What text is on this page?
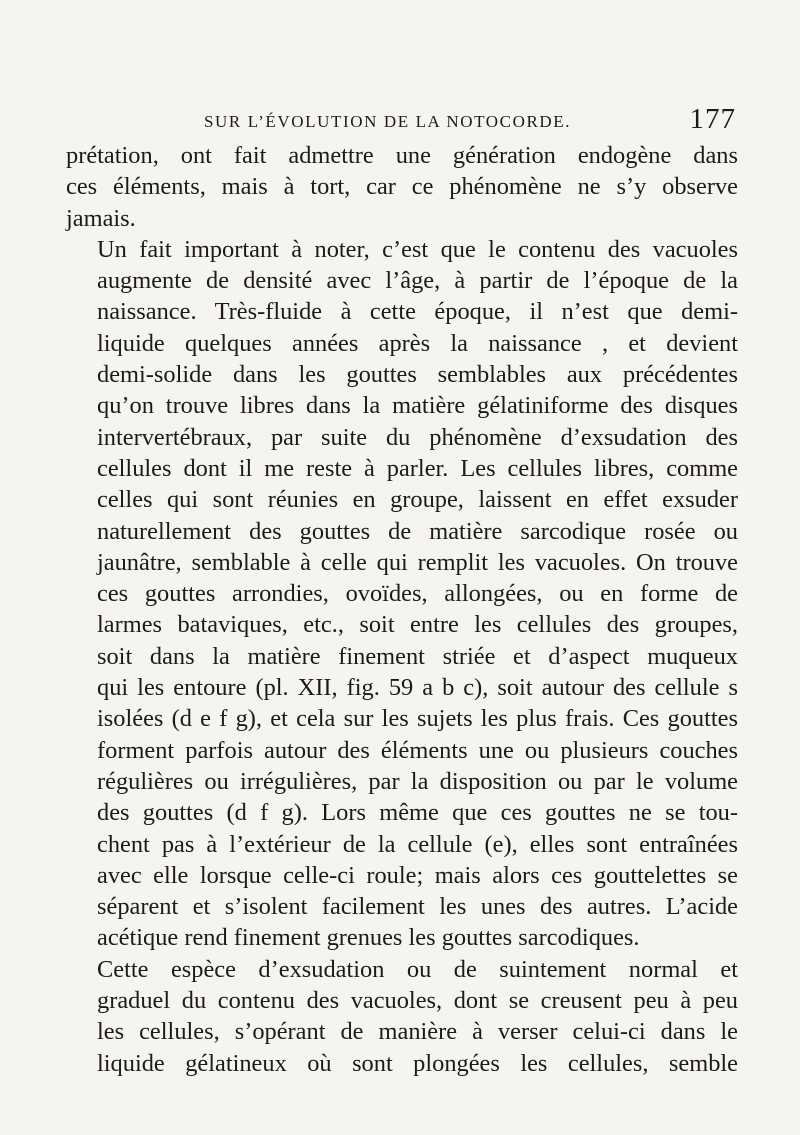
SUR L’ÉVOLUTION DE LA NOTOCORDE.	177

prétation, ont fait admettre une génération endogène dans
ces éléments, mais à tort, car ce phénomène ne s’y observe
jamais.

Un fait important à noter, c’est que le contenu des vacuoles
augmente de densité avec l’âge, à partir de l’époque de la
naissance. Très-fluide à cette époque, il n’est que demi-
liquide quelques années après la naissance , et devient
demi-solide dans les gouttes semblables aux précédentes
qu’on trouve libres dans la matière gélatiniforme des disques
intervertébraux, par suite du phénomène d’exsudation des
cellules dont il me reste à parler. Les cellules libres, comme
celles qui sont réunies en groupe, laissent en effet exsuder
naturellement des gouttes de matière sarcodique rosée ou
jaunâtre, semblable à celle qui remplit les vacuoles. On trouve
ces gouttes arrondies, ovoïdes, allongées, ou en forme de
larmes bataviques, etc., soit entre les cellules des groupes,
soit dans la matière finement striée et d’aspect muqueux
qui les entoure (pl. XII, fig. 59 a b c), soit autour des cellule s
isolées (d e f g), et cela sur les sujets les plus frais. Ces gouttes
forment parfois autour des éléments une ou plusieurs couches
régulières ou irrégulières, par la disposition ou par le volume
des gouttes (d f g). Lors même que ces gouttes ne se tou-
chent pas à l’extérieur de la cellule (e), elles sont entraînées
avec elle lorsque celle-ci roule; mais alors ces gouttelettes se
séparent et s’isolent facilement les unes des autres. L’acide
acétique rend finement grenues les gouttes sarcodiques.

Cette espèce d’exsudation ou de suintement normal et
graduel du contenu des vacuoles, dont se creusent peu à peu
les cellules, s’opérant de manière à verser celui-ci dans le
liquide gélatineux où sont plongées les cellules, semble
